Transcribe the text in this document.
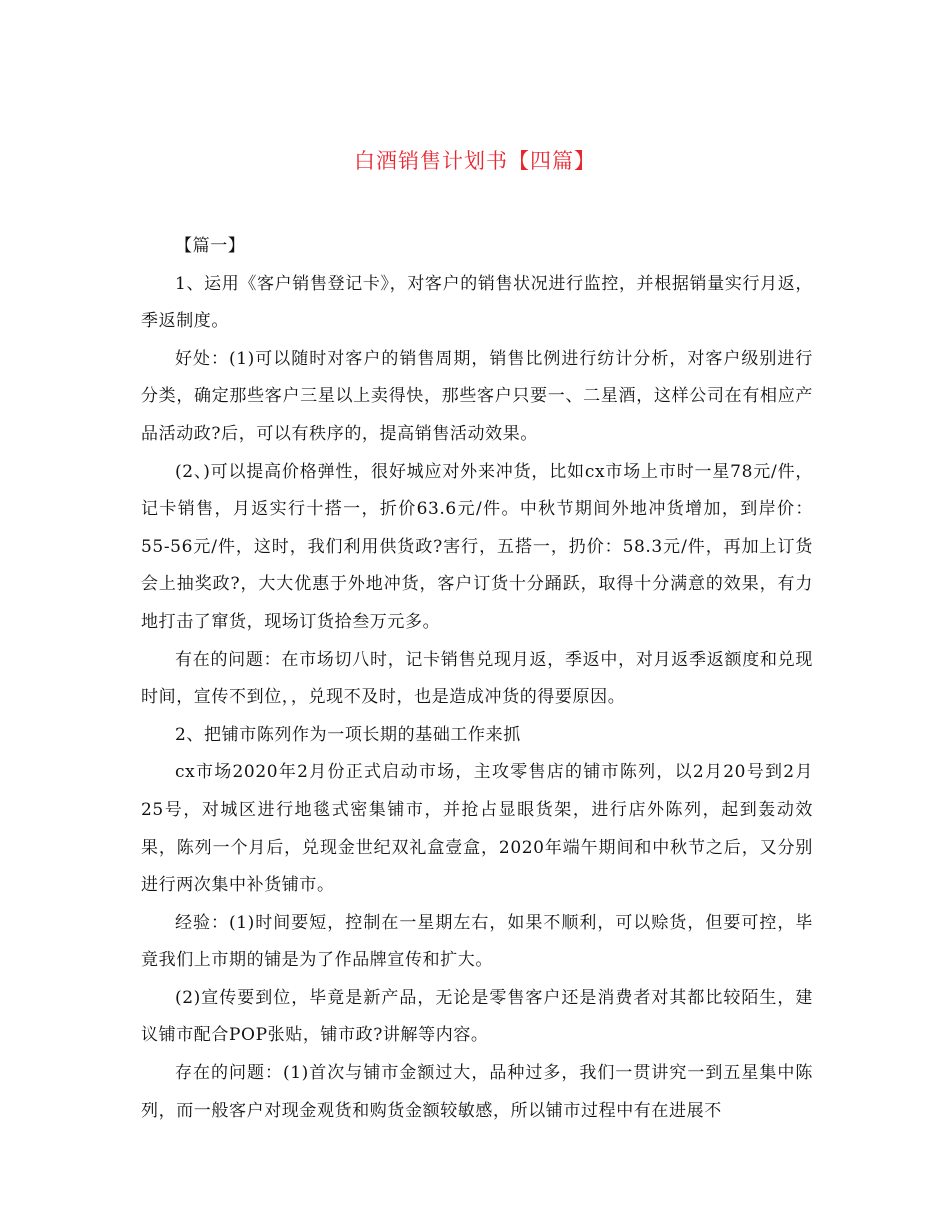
白酒销售计划书【四篇】

【篇一】

1、运用《客户销售登记卡》，对客户的销售状况进行监控，并根据销量实行月返，季返制度。

好处：(1)可以随时对客户的销售周期，销售比例进行纺计分析，对客户级别进行分类，确定那些客户三星以上卖得快，那些客户只要一、二星酒，这样公司在有相应产品活动政?后，可以有秩序的，提高销售活动效果。

(2、)可以提高价格弹性，很好城应对外来冲货，比如cx市场上市时一星78元/件，记卡销售，月返实行十搭一，折价63.6元/件。中秋节期间外地冲货增加，到岸价：55-56元/件，这时，我们利用供货政?害行，五搭一，扔价：58.3元/件，再加上订货会上抽奖政?，大大优惠于外地冲货，客户订货十分踊跃，取得十分满意的效果，有力地打击了窜货，现场订货拾叁万元多。

有在的问题：在市场切八时，记卡销售兑现月返，季返中，对月返季返额度和兑现时间，宣传不到位，，兑现不及时，也是造成冲货的得要原因。

2、把铺市陈列作为一项长期的基础工作来抓

cx市场2020年2月份正式启动市场，主攻零售店的铺市陈列，以2月20号到2月25号，对城区进行地毯式密集铺市，并抢占显眼货架，进行店外陈列，起到轰动效果，陈列一个月后，兑现金世纪双礼盒壹盒，2020年端午期间和中秋节之后，又分别进行两次集中补货铺市。

经验：(1)时间要短，控制在一星期左右，如果不顺利，可以赊货，但要可控，毕竟我们上市期的铺是为了作品牌宣传和扩大。

(2)宣传要到位，毕竟是新产品，无论是零售客户还是消费者对其都比较陌生，建议铺市配合POP张贴，铺市政?讲解等内容。

存在的问题：(1)首次与铺市金额过大，品种过多，我们一贯讲究一到五星集中陈列，而一般客户对现金观货和购货金额较敏感，所以铺市过程中有在进展不
